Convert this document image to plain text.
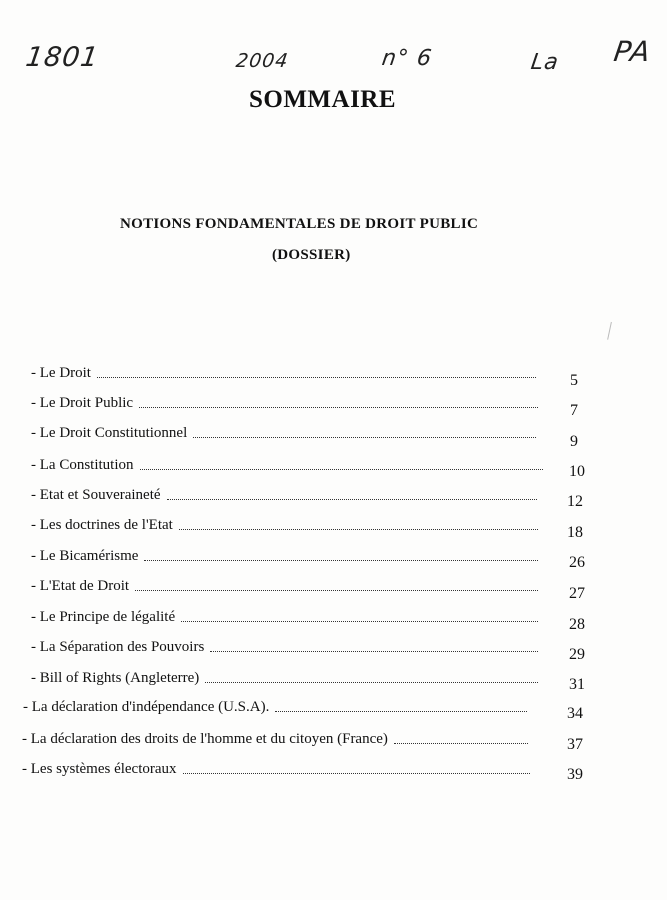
1801	2004	n° 6	La PA
SOMMAIRE
NOTIONS FONDAMENTALES DE DROIT PUBLIC
(DOSSIER)
- Le Droit	5
- Le Droit Public	7
- Le Droit Constitutionnel	9
- La Constitution	10
- Etat et Souveraineté	12
- Les doctrines de l'Etat	18
- Le Bicamérisme	26
- L'Etat de Droit	27
- Le Principe de légalité	28
- La Séparation des Pouvoirs	29
- Bill of Rights (Angleterre)	31
- La déclaration d'indépendance (U.S.A).	34
- La déclaration des droits de l'homme et du citoyen (France)	37
- Les systèmes électoraux	39
